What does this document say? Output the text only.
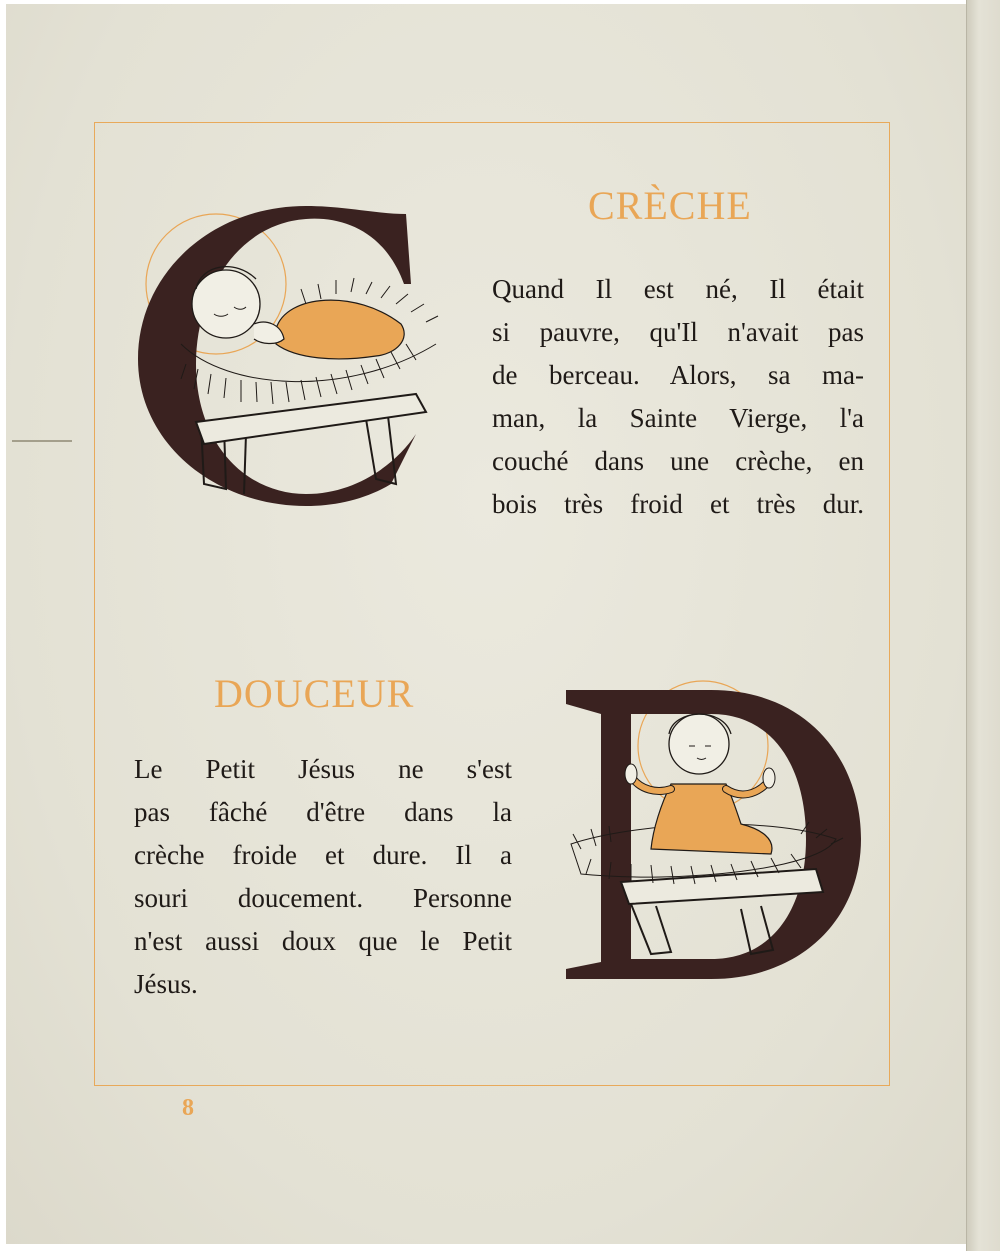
CRÈCHE

Quand Il est né, Il était
si pauvre, qu'Il n'avait pas
de berceau. Alors, sa ma-
man, la Sainte Vierge, l'a
couché dans une crèche, en
bois très froid et très dur.

DOUCEUR

Le Petit Jésus ne s'est
pas fâché d'être dans la
crèche froide et dure. Il a
souri doucement. Personne
n'est aussi doux que le Petit
Jésus.

8
